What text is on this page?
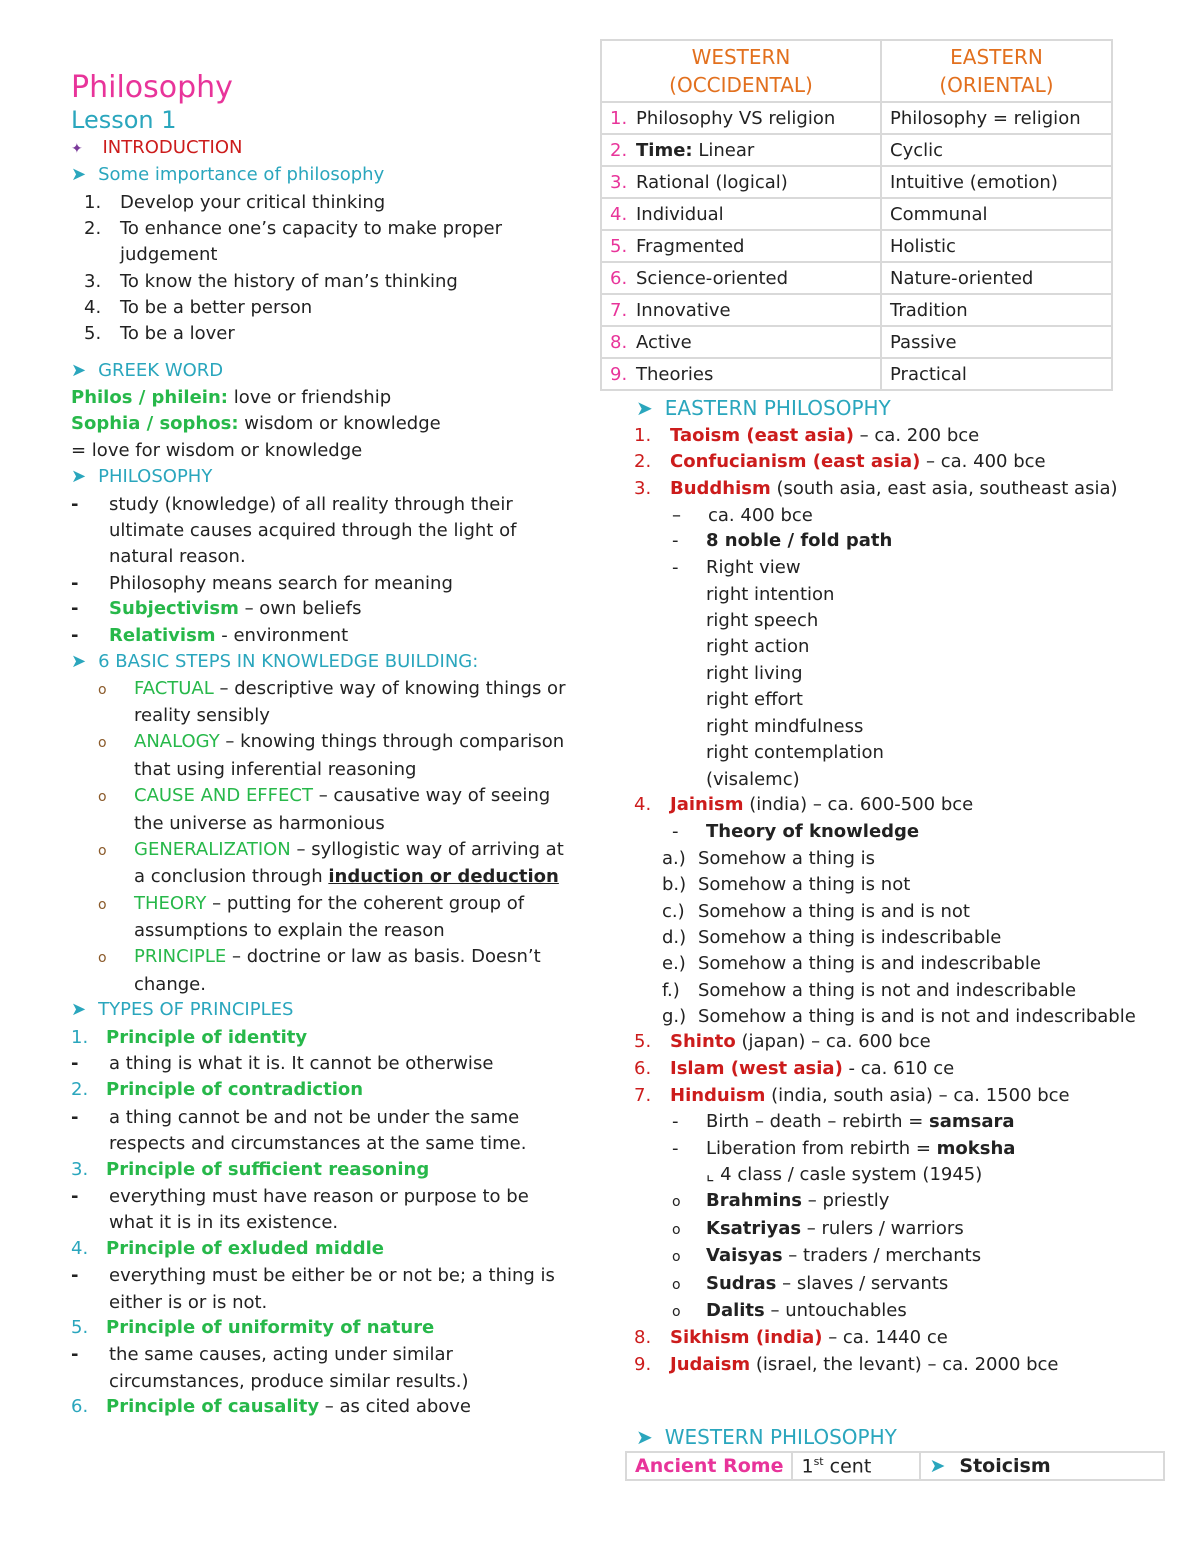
Philosophy
Lesson 1
✦ INTRODUCTION
➤ Some importance of philosophy
1. Develop your critical thinking
2. To enhance one’s capacity to make proper
judgement
3. To know the history of man’s thinking
4. To be a better person
5. To be a lover
➤ GREEK WORD
Philos / philein: love or friendship
Sophia / sophos: wisdom or knowledge
= love for wisdom or knowledge
➤ PHILOSOPHY
- study (knowledge) of all reality through their
ultimate causes acquired through the light of
natural reason.
- Philosophy means search for meaning
- Subjectivism – own beliefs
- Relativism - environment
➤ 6 BASIC STEPS IN KNOWLEDGE BUILDING:
o FACTUAL – descriptive way of knowing things or
reality sensibly
o ANALOGY – knowing things through comparison
that using inferential reasoning
o CAUSE AND EFFECT – causative way of seeing
the universe as harmonious
o GENERALIZATION – syllogistic way of arriving at
a conclusion through induction or deduction
o THEORY – putting for the coherent group of
assumptions to explain the reason
o PRINCIPLE – doctrine or law as basis. Doesn’t
change.
➤ TYPES OF PRINCIPLES
1. Principle of identity
- a thing is what it is. It cannot be otherwise
2. Principle of contradiction
- a thing cannot be and not be under the same
respects and circumstances at the same time.
3. Principle of sufficient reasoning
- everything must have reason or purpose to be
what it is in its existence.
4. Principle of exluded middle
- everything must be either be or not be; a thing is
either is or is not.
5. Principle of uniformity of nature
- the same causes, acting under similar
circumstances, produce similar results.)
6. Principle of causality – as cited above
WESTERN
(OCCIDENTAL)	EASTERN
(ORIENTAL)
1. Philosophy VS religion	Philosophy = religion
2. Time: Linear	Cyclic
3. Rational (logical)	Intuitive (emotion)
4. Individual	Communal
5. Fragmented	Holistic
6. Science-oriented	Nature-oriented
7. Innovative	Tradition
8. Active	Passive
9. Theories	Practical
➤ EASTERN PHILOSOPHY
1. Taoism (east asia) – ca. 200 bce
2. Confucianism (east asia) – ca. 400 bce
3. Buddhism (south asia, east asia, southeast asia)
– ca. 400 bce
- 8 noble / fold path
- Right view
right intention
right speech
right action
right living
right effort
right mindfulness
right contemplation
(visalemc)
4. Jainism (india) – ca. 600-500 bce
- Theory of knowledge
a.) Somehow a thing is
b.) Somehow a thing is not
c.) Somehow a thing is and is not
d.) Somehow a thing is indescribable
e.) Somehow a thing is and indescribable
f.) Somehow a thing is not and indescribable
g.) Somehow a thing is and is not and indescribable
5. Shinto (japan) – ca. 600 bce
6. Islam (west asia) - ca. 610 ce
7. Hinduism (india, south asia) – ca. 1500 bce
- Birth – death – rebirth = samsara
- Liberation from rebirth = moksha
⌞ 4 class / casle system (1945)
o Brahmins – priestly
o Ksatriyas – rulers / warriors
o Vaisyas – traders / merchants
o Sudras – slaves / servants
o Dalits – untouchables
8. Sikhism (india) – ca. 1440 ce
9. Judaism (israel, the levant) – ca. 2000 bce
➤ WESTERN PHILOSOPHY
Ancient Rome	1st cent	➤ Stoicism
